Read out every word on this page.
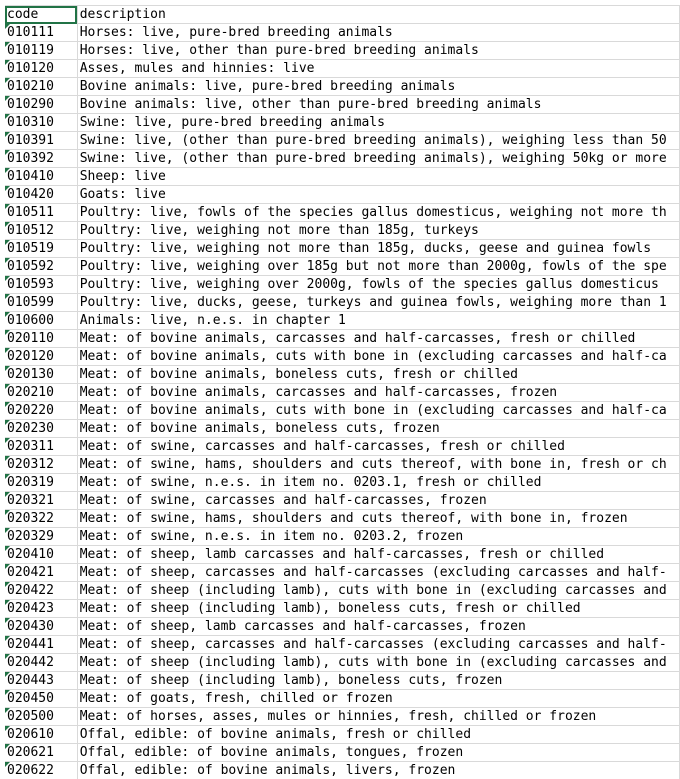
code	description

010111	Horses: live, pure-bred breeding animals

010119	Horses: live, other than pure-bred breeding animals

010120	Asses, mules and hinnies: live

010210	Bovine animals: live, pure-bred breeding animals

010290	Bovine animals: live, other than pure-bred breeding animals

010310	Swine: live, pure-bred breeding animals

010391	Swine: live, (other than pure-bred breeding animals), weighing less than 50

010392	Swine: live, (other than pure-bred breeding animals), weighing 50kg or more

010410	Sheep: live

010420	Goats: live

010511	Poultry: live, fowls of the species gallus domesticus, weighing not more th

010512	Poultry: live, weighing not more than 185g, turkeys

010519	Poultry: live, weighing not more than 185g, ducks, geese and guinea fowls

010592	Poultry: live, weighing over 185g but not more than 2000g, fowls of the spe

010593	Poultry: live, weighing over 2000g, fowls of the species gallus domesticus

010599	Poultry: live, ducks, geese, turkeys and guinea fowls, weighing more than 1

010600	Animals: live, n.e.s. in chapter 1

020110	Meat: of bovine animals, carcasses and half-carcasses, fresh or chilled

020120	Meat: of bovine animals, cuts with bone in (excluding carcasses and half-ca

020130	Meat: of bovine animals, boneless cuts, fresh or chilled

020210	Meat: of bovine animals, carcasses and half-carcasses, frozen

020220	Meat: of bovine animals, cuts with bone in (excluding carcasses and half-ca

020230	Meat: of bovine animals, boneless cuts, frozen

020311	Meat: of swine, carcasses and half-carcasses, fresh or chilled

020312	Meat: of swine, hams, shoulders and cuts thereof, with bone in, fresh or ch

020319	Meat: of swine, n.e.s. in item no. 0203.1, fresh or chilled

020321	Meat: of swine, carcasses and half-carcasses, frozen

020322	Meat: of swine, hams, shoulders and cuts thereof, with bone in, frozen

020329	Meat: of swine, n.e.s. in item no. 0203.2, frozen

020410	Meat: of sheep, lamb carcasses and half-carcasses, fresh or chilled

020421	Meat: of sheep, carcasses and half-carcasses (excluding carcasses and half-

020422	Meat: of sheep (including lamb), cuts with bone in (excluding carcasses and

020423	Meat: of sheep (including lamb), boneless cuts, fresh or chilled

020430	Meat: of sheep, lamb carcasses and half-carcasses, frozen

020441	Meat: of sheep, carcasses and half-carcasses (excluding carcasses and half-

020442	Meat: of sheep (including lamb), cuts with bone in (excluding carcasses and

020443	Meat: of sheep (including lamb), boneless cuts, frozen

020450	Meat: of goats, fresh, chilled or frozen

020500	Meat: of horses, asses, mules or hinnies, fresh, chilled or frozen

020610	Offal, edible: of bovine animals, fresh or chilled

020621	Offal, edible: of bovine animals, tongues, frozen

020622	Offal, edible: of bovine animals, livers, frozen
